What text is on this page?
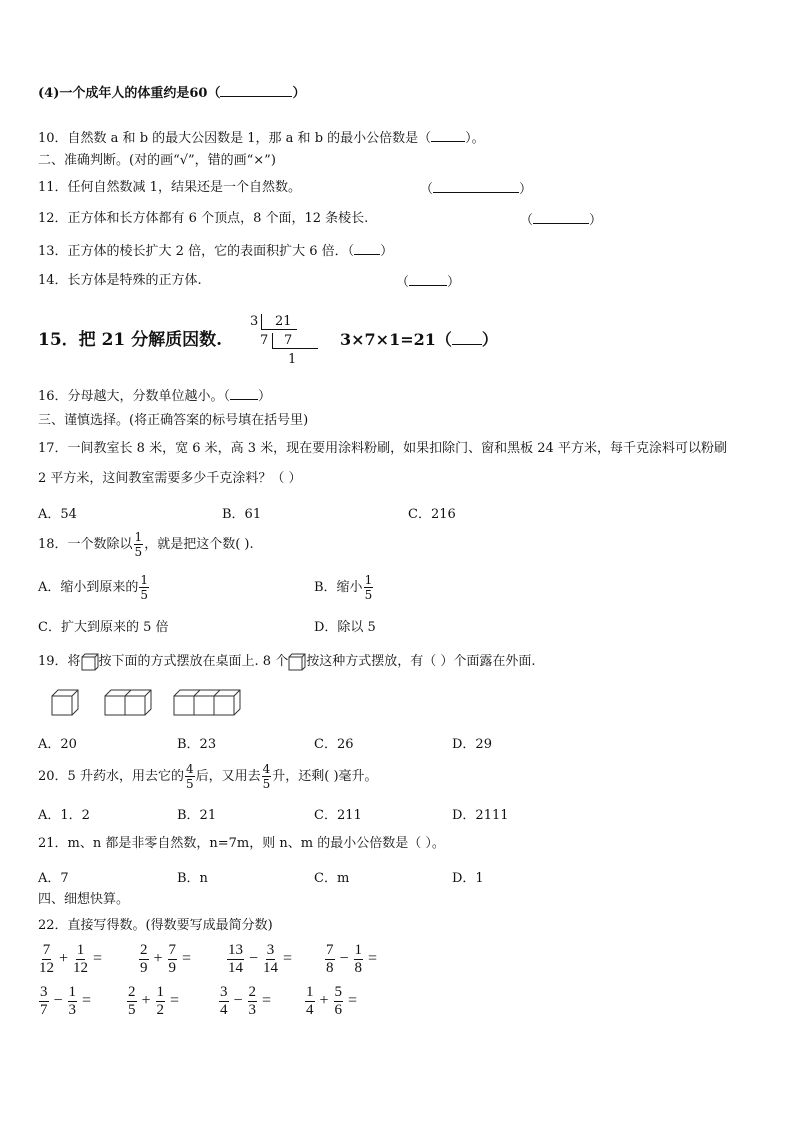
(4)一个成年人的体重约是60（	）
10．自然数 a 和 b 的最大公因数是 1，那 a 和 b 的最小公倍数是（	）。
二、准确判断。(对的画“√”，错的画“×”)
11．任何自然数减 1，结果还是一个自然数。	（	）
12．正方体和长方体都有 6 个顶点，8 个面，12 条棱长.	（	）
13．正方体的棱长扩大 2 倍，它的表面积扩大 6 倍．（ ）
14．长方体是特殊的正方体.	（	）
15．把 21 分解质因数.
3 21
7 7
1
3×7×1=21（ ）
16．分母越大，分数单位越小。（ ）
三、谨慎选择。(将正确答案的标号填在括号里)
17．一间教室长 8 米，宽 6 米，高 3 米，现在要用涂料粉刷，如果扣除门、窗和黑板 24 平方米，每千克涂料可以粉刷
2 平方米，这间教室需要多少千克涂料？（ ）
A．54	B．61	C．216
18．一个数除以 $\frac{1}{5}$ ，就是把这个数( ).
A．缩小到原来的 $\frac{1}{5}$	B．缩小 $\frac{1}{5}$
C．扩大到原来的 5 倍	D．除以 5
19．将 按下面的方式摆放在桌面上. 8 个 按这种方式摆放，有（ ）个面露在外面.
A．20	B．23	C．26	D．29
20．5 升药水，用去它的 $\frac{4}{5}$ 后，又用去 $\frac{4}{5}$ 升，还剩( )毫升。
A．1．2	B．21	C．211	D．2111
21．m、n 都是非零自然数，n=7m，则 n、m 的最小公倍数是（ ）。
A．7	B．n	C．m	D．1
四、细想快算。
22．直接写得数。(得数要写成最简分数)
$\frac{7}{12} + \frac{1}{12} = \frac{2}{9} + \frac{7}{9} = \frac{13}{14} - \frac{3}{14} = \frac{7}{8} - \frac{1}{8}$ =
$\frac{3}{7} - \frac{1}{3} = \frac{2}{5} + \frac{1}{2}$ =	$\frac{3}{4} - \frac{2}{3} = \frac{1}{4} + \frac{5}{6}$ =
